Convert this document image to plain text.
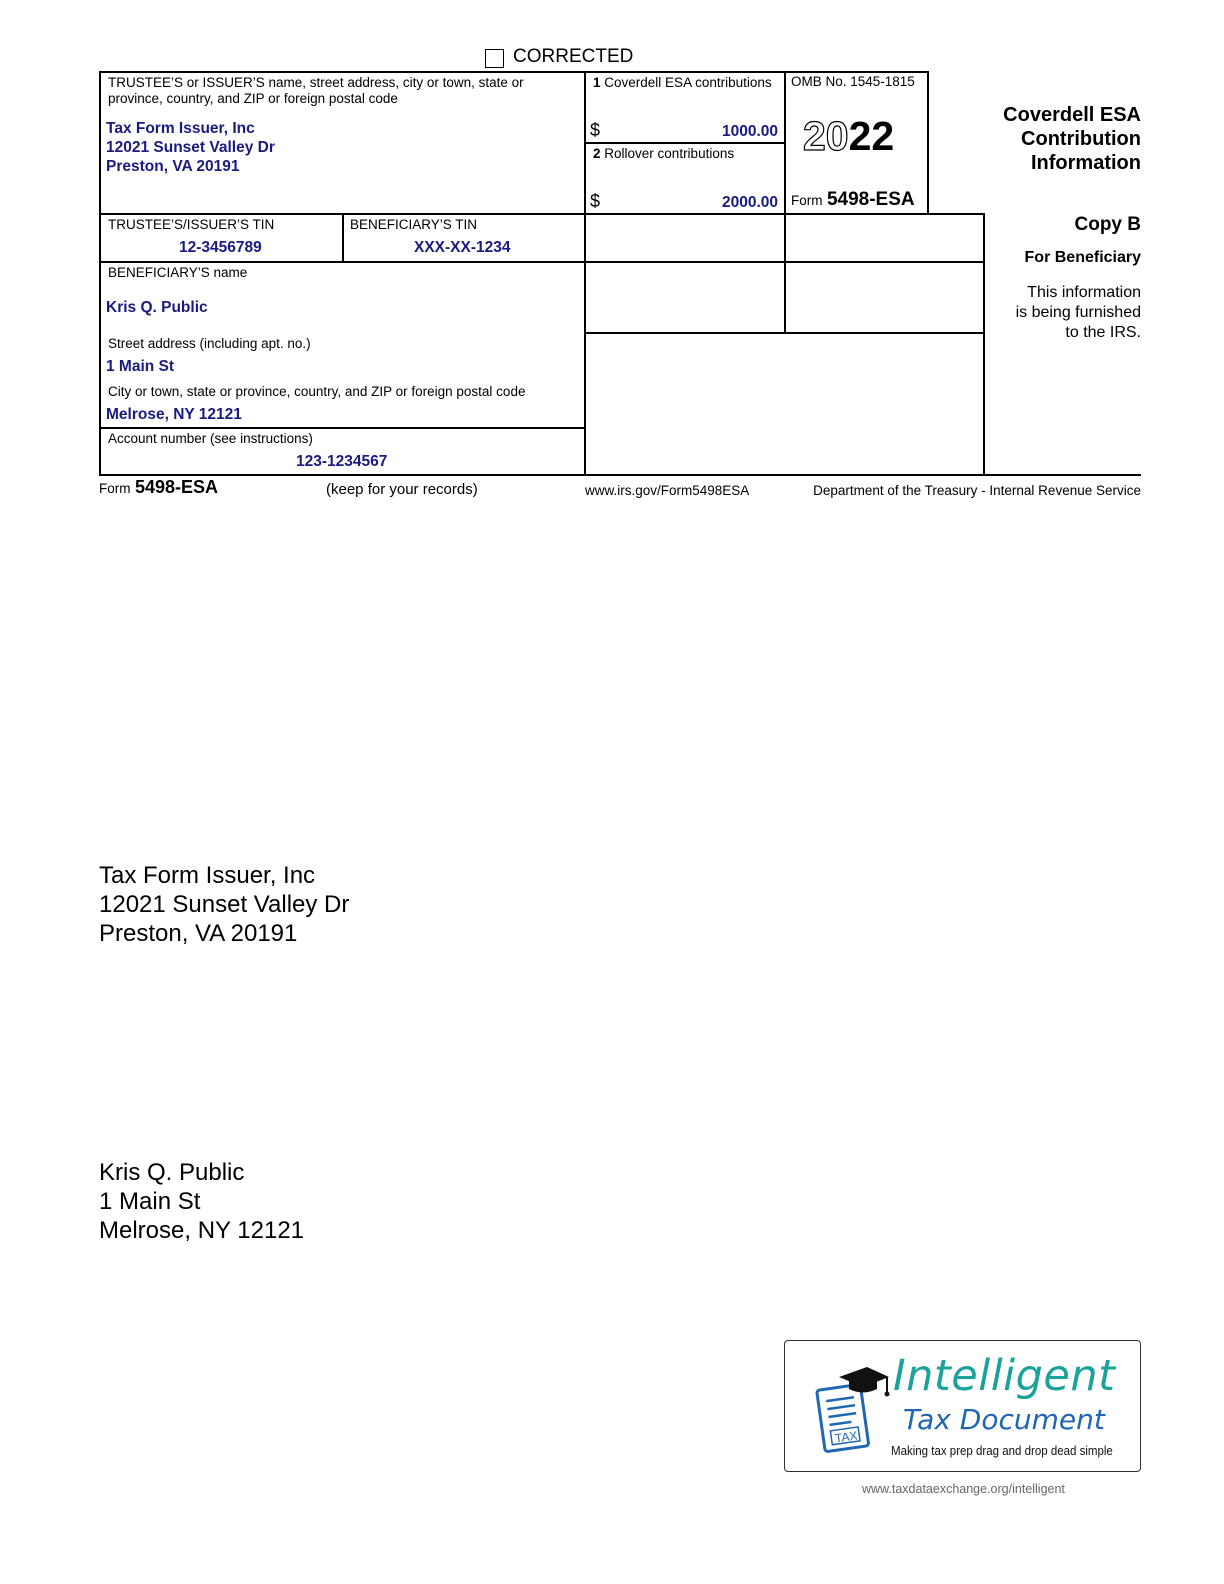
CORRECTED
TRUSTEE’S or ISSUER’S name, street address, city or town, state or province, country, and ZIP or foreign postal code
Tax Form Issuer, Inc
12021 Sunset Valley Dr
Preston, VA 20191
1 Coverdell ESA contributions
$	1000.00
2 Rollover contributions
$	2000.00
OMB No. 1545-1815
2022
Form 5498-ESA
Coverdell ESA
Contribution
Information
TRUSTEE’S/ISSUER’S TIN
12-3456789
BENEFICIARY’S TIN
XXX-XX-1234
Copy B
For Beneficiary
This information
is being furnished
to the IRS.
BENEFICIARY’S name
Kris Q. Public
Street address (including apt. no.)
1 Main St
City or town, state or province, country, and ZIP or foreign postal code
Melrose, NY 12121
Account number (see instructions)
123-1234567
Form 5498-ESA	(keep for your records)	www.irs.gov/Form5498ESA	Department of the Treasury - Internal Revenue Service
Tax Form Issuer, Inc
12021 Sunset Valley Dr
Preston, VA 20191
Kris Q. Public
1 Main St
Melrose, NY 12121
TAX
Intelligent
Tax Document
Making tax prep drag and drop dead simple
www.taxdataexchange.org/intelligent
